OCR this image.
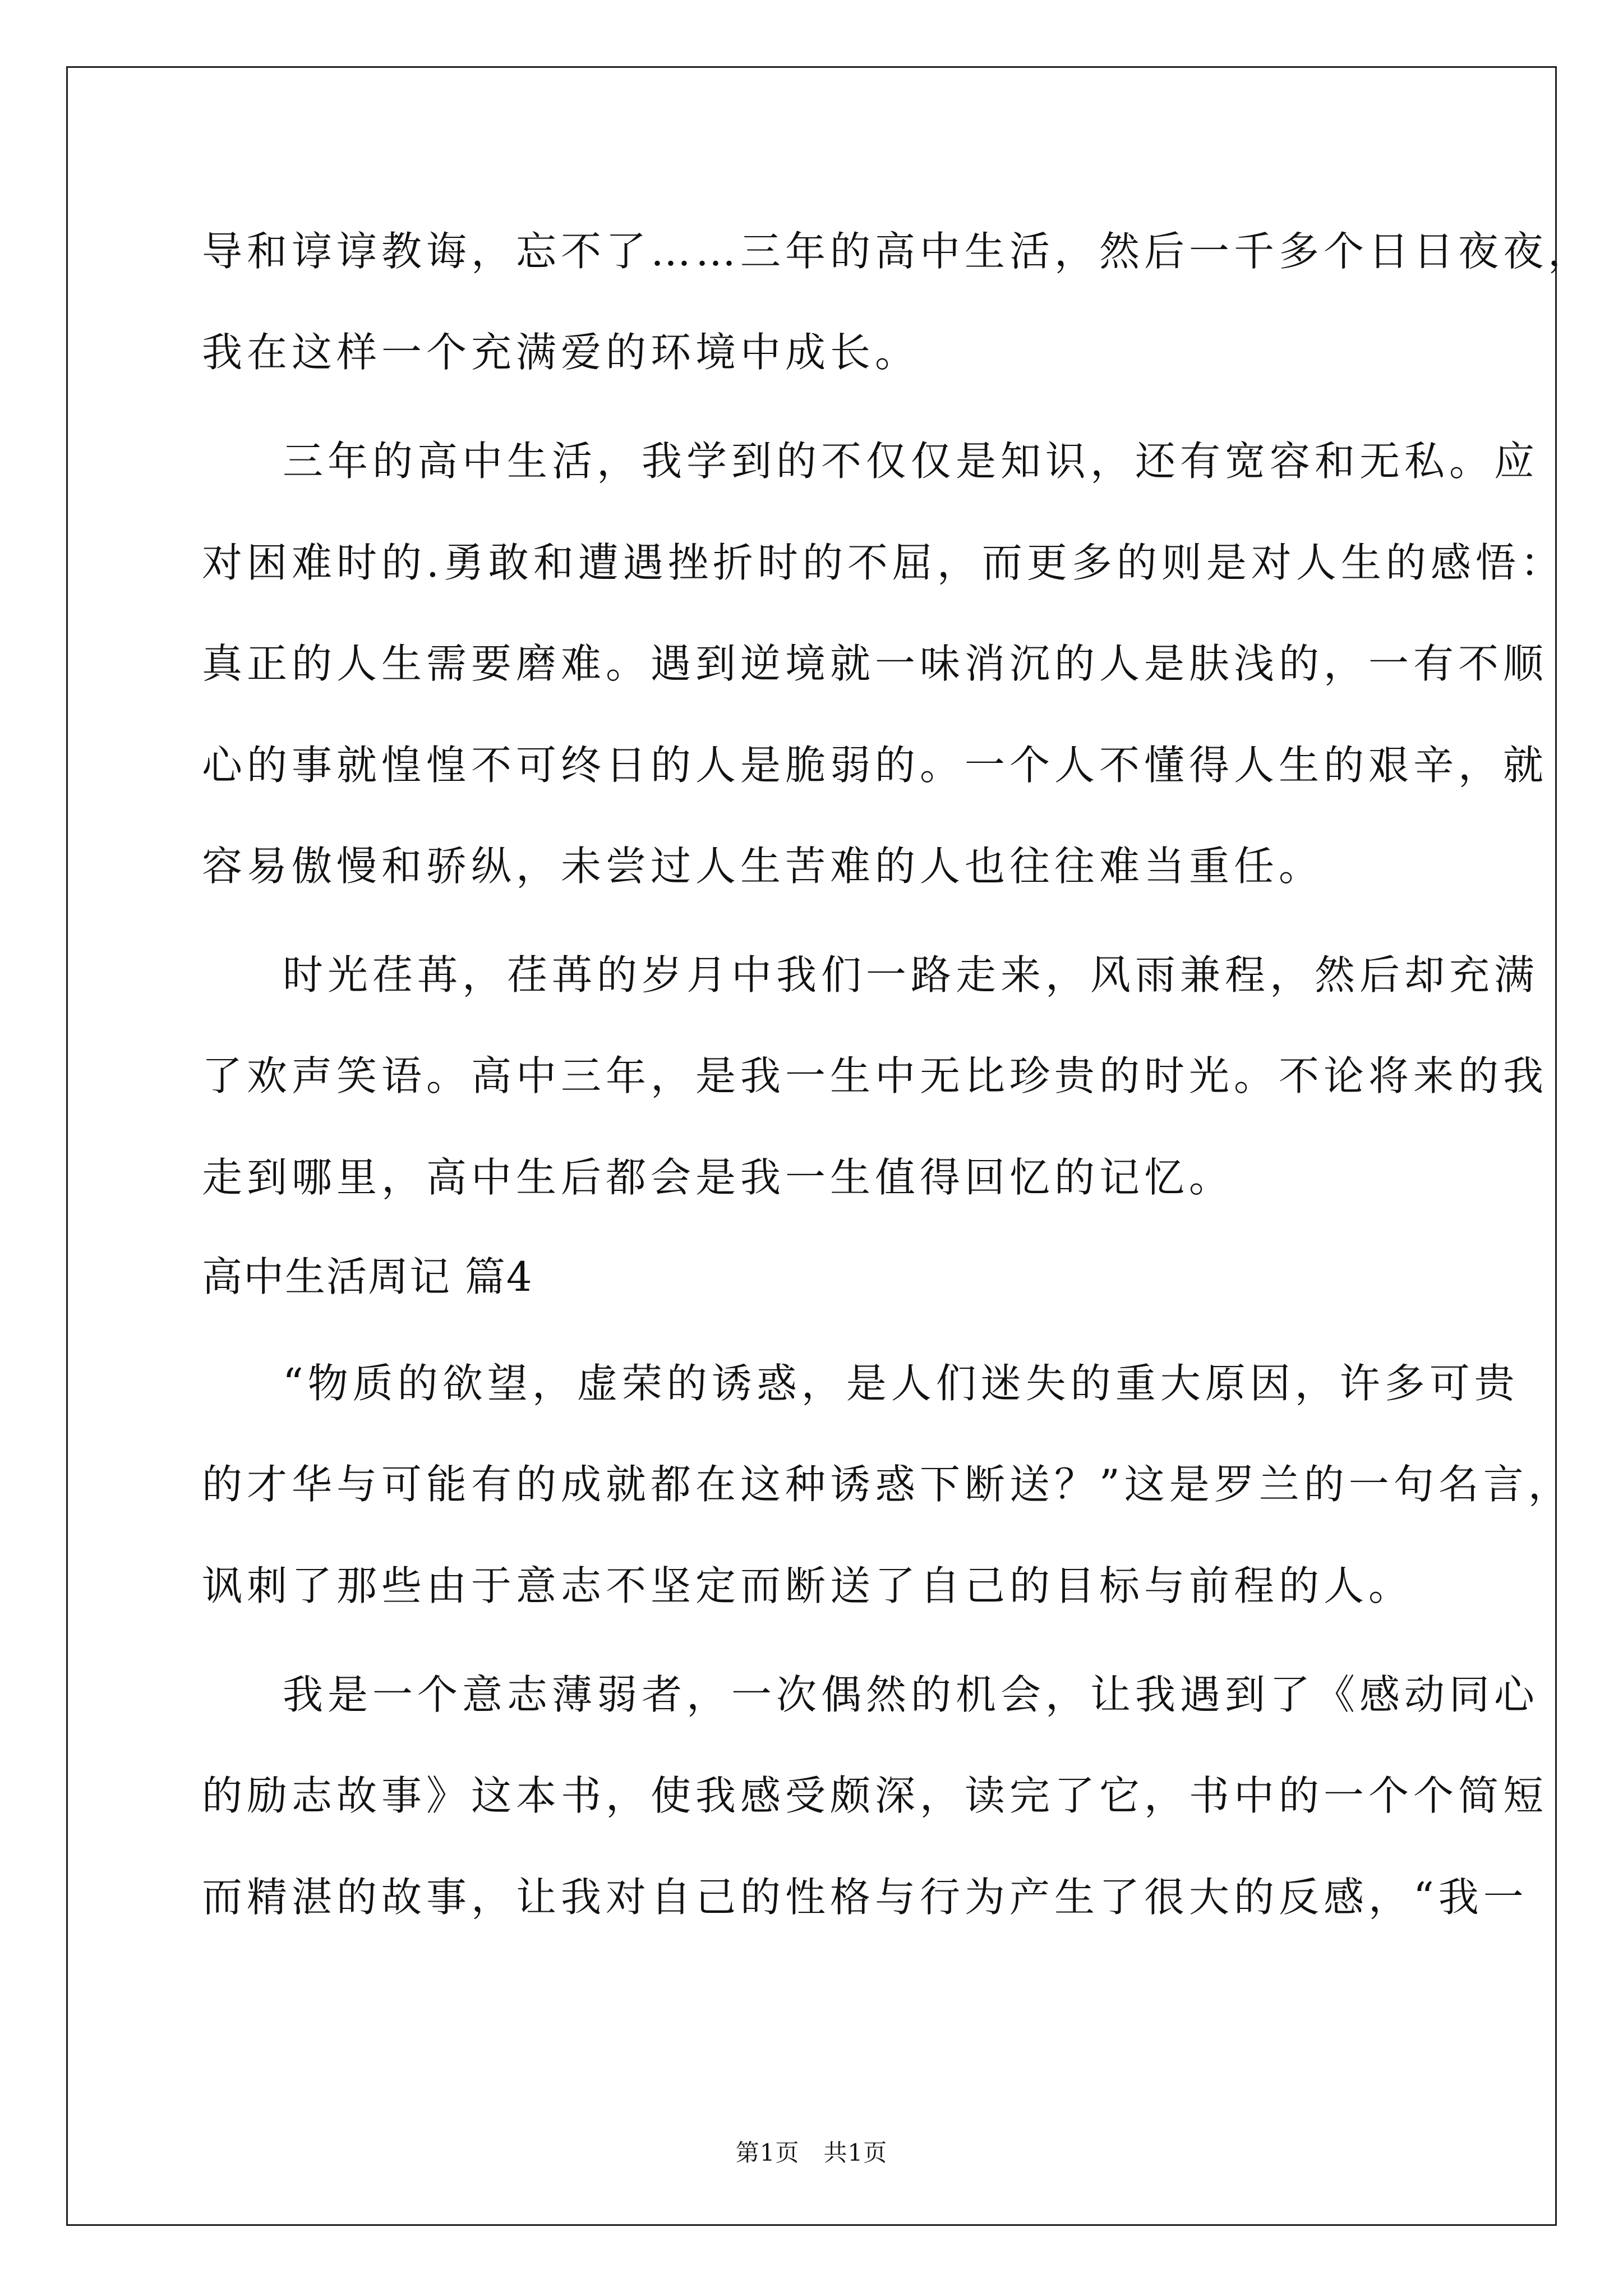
导和谆谆教诲，忘不了……三年的高中生活，然后一千多个日日夜夜，
我在这样一个充满爱的环境中成长。
三年的高中生活，我学到的不仅仅是知识，还有宽容和无私。应
对困难时的.勇敢和遭遇挫折时的不屈，而更多的则是对人生的感悟：
真正的人生需要磨难。遇到逆境就一味消沉的人是肤浅的，一有不顺
心的事就惶惶不可终日的人是脆弱的。一个人不懂得人生的艰辛，就
容易傲慢和骄纵，未尝过人生苦难的人也往往难当重任。
时光荏苒，荏苒的岁月中我们一路走来，风雨兼程，然后却充满
了欢声笑语。高中三年，是我一生中无比珍贵的时光。不论将来的我
走到哪里，高中生后都会是我一生值得回忆的记忆。
高中生活周记 篇4
“物质的欲望，虚荣的诱惑，是人们迷失的重大原因，许多可贵
的才华与可能有的成就都在这种诱惑下断送？”这是罗兰的一句名言，
讽刺了那些由于意志不坚定而断送了自己的目标与前程的人。
我是一个意志薄弱者，一次偶然的机会，让我遇到了《感动同心
的励志故事》这本书，使我感受颇深，读完了它，书中的一个个简短
而精湛的故事，让我对自己的性格与行为产生了很大的反感，“我一
第1页　共1页
